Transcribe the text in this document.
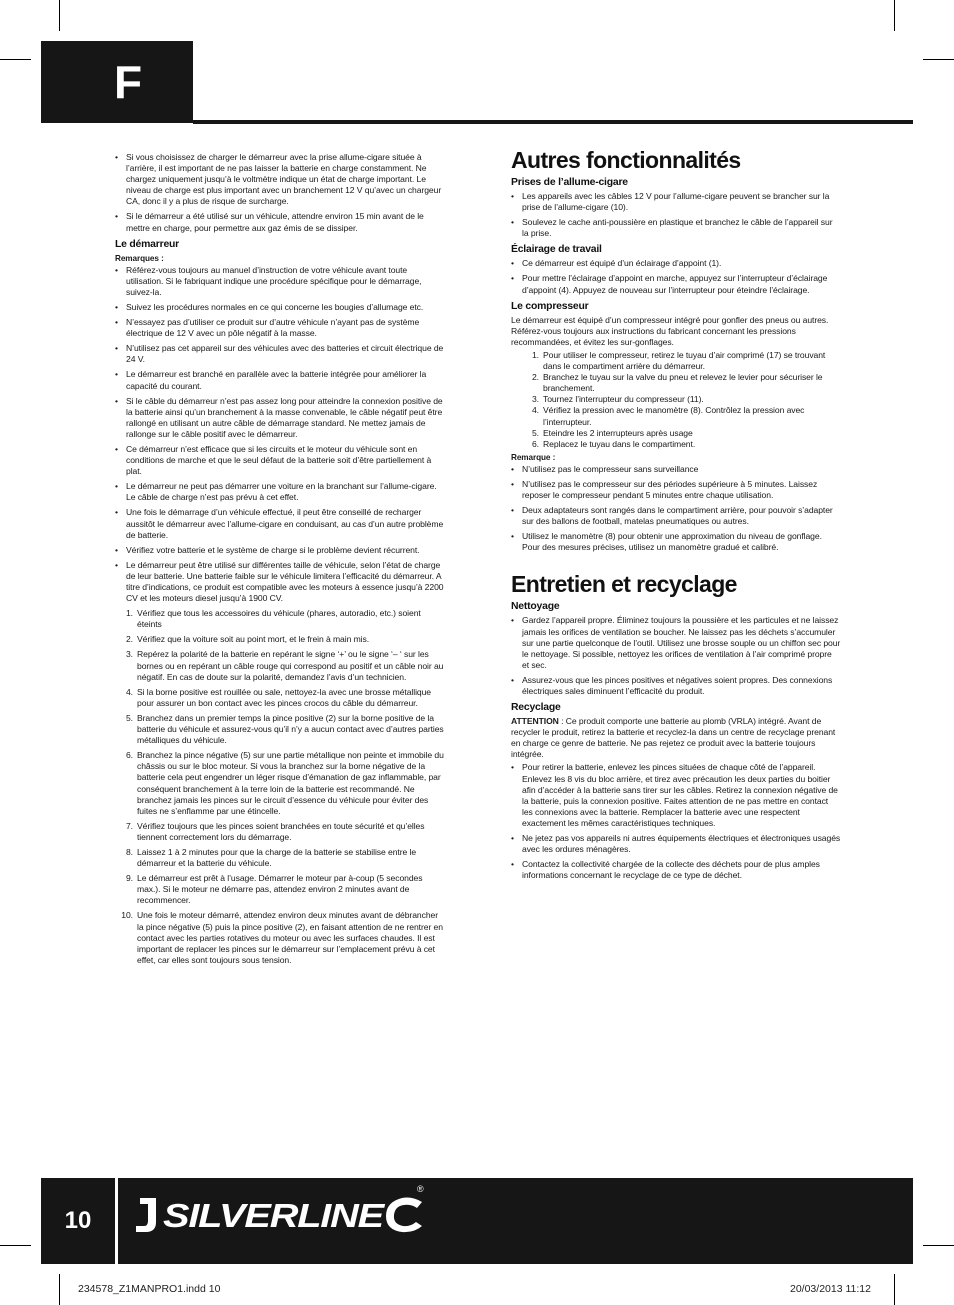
F
• Si vous choisissez de charger le démarreur avec la prise allume-cigare située à l’arrière, il est important de ne pas laisser la batterie en charge constamment. Ne chargez uniquement jusqu’à le voltmètre indique un état de charge important. Le niveau de charge est plus important avec un branchement 12 V qu’avec un chargeur CA, donc il y a plus de risque de surcharge.
• Si le démarreur a été utilisé sur un véhicule, attendre environ 15 min avant de le mettre en charge, pour permettre aux gaz émis de se dissiper.
Le démarreur
Remarques :
• Référez-vous toujours au manuel d’instruction de votre véhicule avant toute utilisation. Si le fabriquant indique une procédure spécifique pour le démarrage, suivez-la.
• Suivez les procédures normales en ce qui concerne les bougies d’allumage etc.
• N’essayez pas d’utiliser ce produit sur d’autre véhicule n’ayant pas de système électrique de 12 V avec un pôle négatif à la masse.
• N’utilisez pas cet appareil sur des véhicules avec des batteries et circuit électrique de 24 V.
• Le démarreur est branché en parallèle avec la batterie intégrée pour améliorer la capacité du courant.
• Si le câble du démarreur n’est pas assez long pour atteindre la connexion positive de la batterie ainsi qu’un branchement à la masse convenable, le câble négatif peut être rallongé en utilisant un autre câble de démarrage standard. Ne mettez jamais de rallonge sur le câble positif avec le démarreur.
• Ce démarreur n’est efficace que si les circuits et le moteur du véhicule sont en conditions de marche et que le seul défaut de la batterie soit d’être partiellement à plat.
• Le démarreur ne peut pas démarrer une voiture en la branchant sur l’allume-cigare. Le câble de charge n’est pas prévu à cet effet.
• Une fois le démarrage d’un véhicule effectué, il peut être conseillé de recharger aussitôt le démarreur avec l’allume-cigare en conduisant, au cas d’un autre problème de batterie.
• Vérifiez votre batterie et le système de charge si le problème devient récurrent.
• Le démarreur peut être utilisé sur différentes taille de véhicule, selon l’état de charge de leur batterie. Une batterie faible sur le véhicule limitera l’efficacité du démarreur. A titre d’indications, ce produit est compatible avec les moteurs à essence jusqu’à 2200 CV et les moteurs diesel jusqu’à 1900 CV.
1. Vérifiez que tous les accessoires du véhicule (phares, autoradio, etc.) soient éteints
2. Vérifiez que la voiture soit au point mort, et le frein à main mis.
3. Repérez la polarité de la batterie en repérant le signe ‘+’ ou le signe ‘– ‘ sur les bornes ou en repérant un câble rouge qui correspond au positif et un câble noir au négatif. En cas de doute sur la polarité, demandez l’avis d’un technicien.
4. Si la borne positive est rouillée ou sale, nettoyez-la avec une brosse métallique pour assurer un bon contact avec les pinces crocos du câble du démarreur.
5. Branchez dans un premier temps la pince positive (2) sur la borne positive de la batterie du véhicule et assurez-vous qu’il n’y a aucun contact avec d’autres parties métalliques du véhicule.
6. Branchez la pince négative (5) sur une partie métallique non peinte et immobile du châssis ou sur le bloc moteur. Si vous la branchez sur la borne négative de la batterie cela peut engendrer un léger risque d’émanation de gaz inflammable, par conséquent branchement à la terre loin de la batterie est recommandé. Ne branchez jamais les pinces sur le circuit d’essence du véhicule pour éviter des fuites ne s’enflamme par une étincelle.
7. Vérifiez toujours que les pinces soient branchées en toute sécurité et qu’elles tiennent correctement lors du démarrage.
8. Laissez 1 à 2 minutes pour que la charge de la batterie se stabilise entre le démarreur et la batterie du véhicule.
9. Le démarreur est prêt à l’usage. Démarrer le moteur par à-coup (5 secondes max.). Si le moteur ne démarre pas, attendez environ 2 minutes avant de recommencer.
10. Une fois le moteur démarré, attendez environ deux minutes avant de débrancher la pince négative (5) puis la pince positive (2), en faisant attention de ne rentrer en contact avec les parties rotatives du moteur ou avec les surfaces chaudes. Il est important de replacer les pinces sur le démarreur sur l’emplacement prévu à cet effet, car elles sont toujours sous tension.
Autres fonctionnalités
Prises de l’allume-cigare
• Les appareils avec les câbles 12 V pour l’allume-cigare peuvent se brancher sur la prise de l’allume-cigare (10).
• Soulevez le cache anti-poussière en plastique et branchez le câble de l’appareil sur la prise.
Éclairage de travail
• Ce démarreur est équipé d’un éclairage d’appoint (1).
• Pour mettre l’éclairage d’appoint en marche, appuyez sur l’interrupteur d’éclairage d’appoint (4). Appuyez de nouveau sur l’interrupteur pour éteindre l’éclairage.
Le compresseur

Le démarreur est équipé d’un compresseur intégré pour gonfler des pneus ou autres. Référez-vous toujours aux instructions du fabricant concernant les pressions recommandées, et évitez les sur-gonflages.

1. Pour utiliser le compresseur, retirez le tuyau d’air comprimé (17) se trouvant dans le compartiment arrière du démarreur.
2. Branchez le tuyau sur la valve du pneu et relevez le levier pour sécuriser le branchement.
3. Tournez l’interrupteur du compresseur (11).
4. Vérifiez la pression avec le manomètre (8). Contrôlez la pression avec l’interrupteur.
5. Eteindre les 2 interrupteurs après usage
6. Replacez le tuyau dans le compartiment.
Remarque :
• N’utilisez pas le compresseur sans surveillance
• N’utilisez pas le compresseur sur des périodes supérieure à 5 minutes. Laissez reposer le compresseur pendant 5 minutes entre chaque utilisation.
• Deux adaptateurs sont rangés dans le compartiment arrière, pour pouvoir s’adapter sur des ballons de football, matelas pneumatiques ou autres.
• Utilisez le manomètre (8) pour obtenir une approximation du niveau de gonflage. Pour des mesures précises, utilisez un manomètre gradué et calibré.
Entretien et recyclage
Nettoyage
• Gardez l’appareil propre. Éliminez toujours la poussière et les particules et ne laissez jamais les orifices de ventilation se boucher. Ne laissez pas les déchets s’accumuler sur une partie quelconque de l’outil. Utilisez une brosse souple ou un chiffon sec pour le nettoyage. Si possible, nettoyez les orifices de ventilation à l’air comprimé propre et sec.
• Assurez-vous que les pinces positives et négatives soient propres. Des connexions électriques sales diminuent l’efficacité du produit.
Recyclage

ATTENTION : Ce produit comporte une batterie au plomb (VRLA) intégré. Avant de recycler le produit, retirez la batterie et recyclez-la dans un centre de recyclage prenant en charge ce genre de batterie. Ne pas rejetez ce produit avec la batterie toujours intégrée.

• Pour retirer la batterie, enlevez les pinces situées de chaque côté de l’appareil. Enlevez les 8 vis du bloc arrière, et tirez avec précaution les deux parties du boitier afin d’accéder à la batterie sans tirer sur les câbles. Retirez la connexion négative de la batterie, puis la connexion positive. Faites attention de ne pas mettre en contact les connexions avec la batterie. Remplacer la batterie avec une respectent exactement les mêmes caractéristiques techniques.
• Ne jetez pas vos appareils ni autres équipements électriques et électroniques usagés avec les ordures ménagères.
• Contactez la collectivité chargée de la collecte des déchets pour de plus amples informations concernant le recyclage de ce type de déchet.
10	SILVERLINE
®
234578_Z1MANPRO1.indd 10	20/03/2013 11:12
